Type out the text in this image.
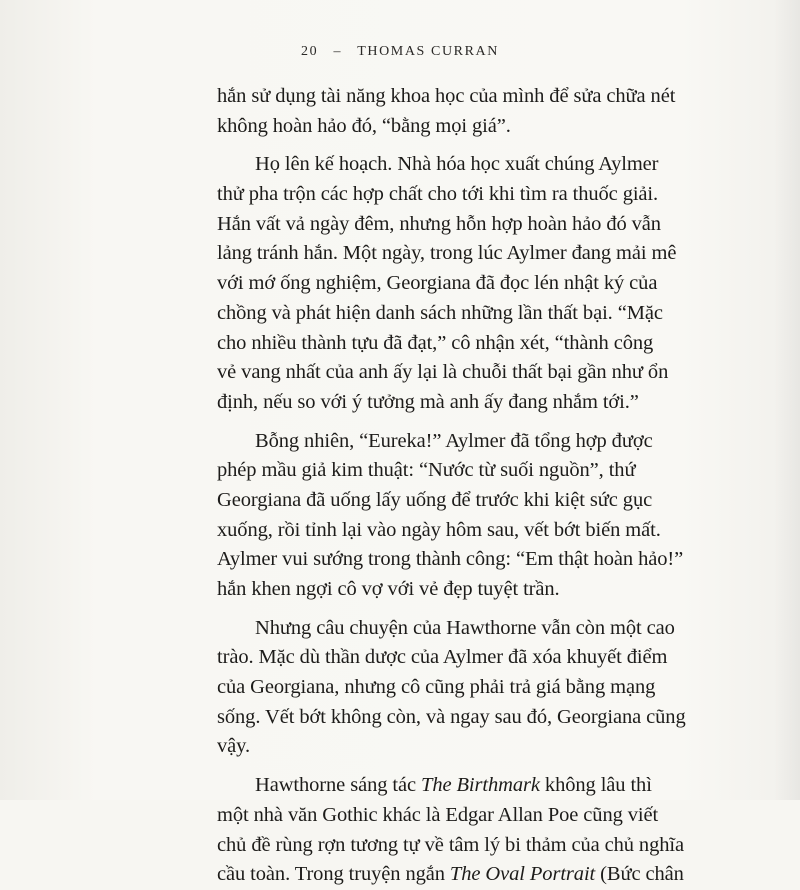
20 – THOMAS CURRAN
hắn sử dụng tài năng khoa học của mình để sửa chữa nét
không hoàn hảo đó, “bằng mọi giá”.
Họ lên kế hoạch. Nhà hóa học xuất chúng Aylmer
thử pha trộn các hợp chất cho tới khi tìm ra thuốc giải.
Hắn vất vả ngày đêm, nhưng hỗn hợp hoàn hảo đó vẫn
lảng tránh hắn. Một ngày, trong lúc Aylmer đang mải mê
với mớ ống nghiệm, Georgiana đã đọc lén nhật ký của
chồng và phát hiện danh sách những lần thất bại. “Mặc
cho nhiều thành tựu đã đạt,” cô nhận xét, “thành công
vẻ vang nhất của anh ấy lại là chuỗi thất bại gần như ổn
định, nếu so với ý tưởng mà anh ấy đang nhắm tới.”
Bỗng nhiên, “Eureka!” Aylmer đã tổng hợp được
phép mầu giả kim thuật: “Nước từ suối nguồn”, thứ
Georgiana đã uống lấy uống để trước khi kiệt sức gục
xuống, rồi tỉnh lại vào ngày hôm sau, vết bớt biến mất.
Aylmer vui sướng trong thành công: “Em thật hoàn hảo!”
hắn khen ngợi cô vợ với vẻ đẹp tuyệt trần.
Nhưng câu chuyện của Hawthorne vẫn còn một cao
trào. Mặc dù thần dược của Aylmer đã xóa khuyết điểm
của Georgiana, nhưng cô cũng phải trả giá bằng mạng
sống. Vết bớt không còn, và ngay sau đó, Georgiana cũng
vậy.
Hawthorne sáng tác The Birthmark không lâu thì
một nhà văn Gothic khác là Edgar Allan Poe cũng viết
chủ đề rùng rợn tương tự về tâm lý bi thảm của chủ nghĩa
cầu toàn. Trong truyện ngắn The Oval Portrait (Bức chân
